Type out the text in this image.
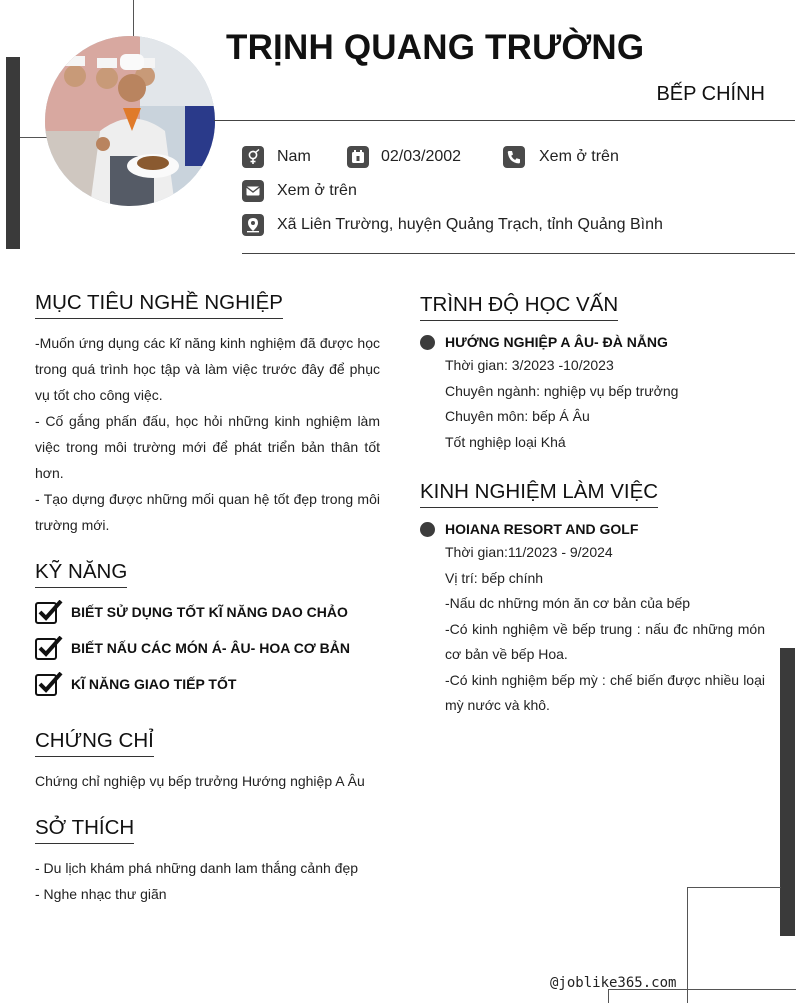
TRỊNH QUANG TRƯỜNG
BẾP CHÍNH
Nam	02/03/2002	Xem ở trên
Xem ở trên
Xã Liên Trường, huyện Quảng Trạch, tỉnh Quảng Bình
MỤC TIÊU NGHỀ NGHIỆP

-Muốn ứng dụng các kĩ năng kinh nghiệm đã được học trong quá trình học tập và làm việc trước đây để phục vụ tốt cho công việc.

- Cố gắng phấn đấu, học hỏi những kinh nghiệm làm việc trong môi trường mới để phát triển bản thân tốt hơn.

- Tạo dựng được những mối quan hệ tốt đẹp trong môi trường mới.

KỸ NĂNG
BIẾT SỬ DỤNG TỐT KĨ NĂNG DAO CHẢO
BIẾT NẤU CÁC MÓN Á- ÂU- HOA CƠ BẢN
KĨ NĂNG GIAO TIẾP TỐT
CHỨNG CHỈ
Chứng chỉ nghiệp vụ bếp trưởng Hướng nghiệp A Âu
SỞ THÍCH

- Du lịch khám phá những danh lam thắng cảnh đẹp

- Nghe nhạc thư giãn

TRÌNH ĐỘ HỌC VẤN
HƯỚNG NGHIỆP A ÂU- ĐÀ NẴNG
Thời gian: 3/2023 -10/2023
Chuyên ngành: nghiệp vụ bếp trưởng
Chuyên môn: bếp Á Âu
Tốt nghiệp loại Khá
KINH NGHIỆM LÀM VIỆC
HOIANA RESORT AND GOLF
Thời gian:11/2023 - 9/2024
Vị trí: bếp chính
-Nấu dc những món ăn cơ bản của bếp
-Có kinh nghiệm về bếp trung : nấu đc những món cơ bản về bếp Hoa.
-Có kinh nghiệm bếp mỳ : chế biến được nhiều loại mỳ nước và khô.
@joblike365.com
